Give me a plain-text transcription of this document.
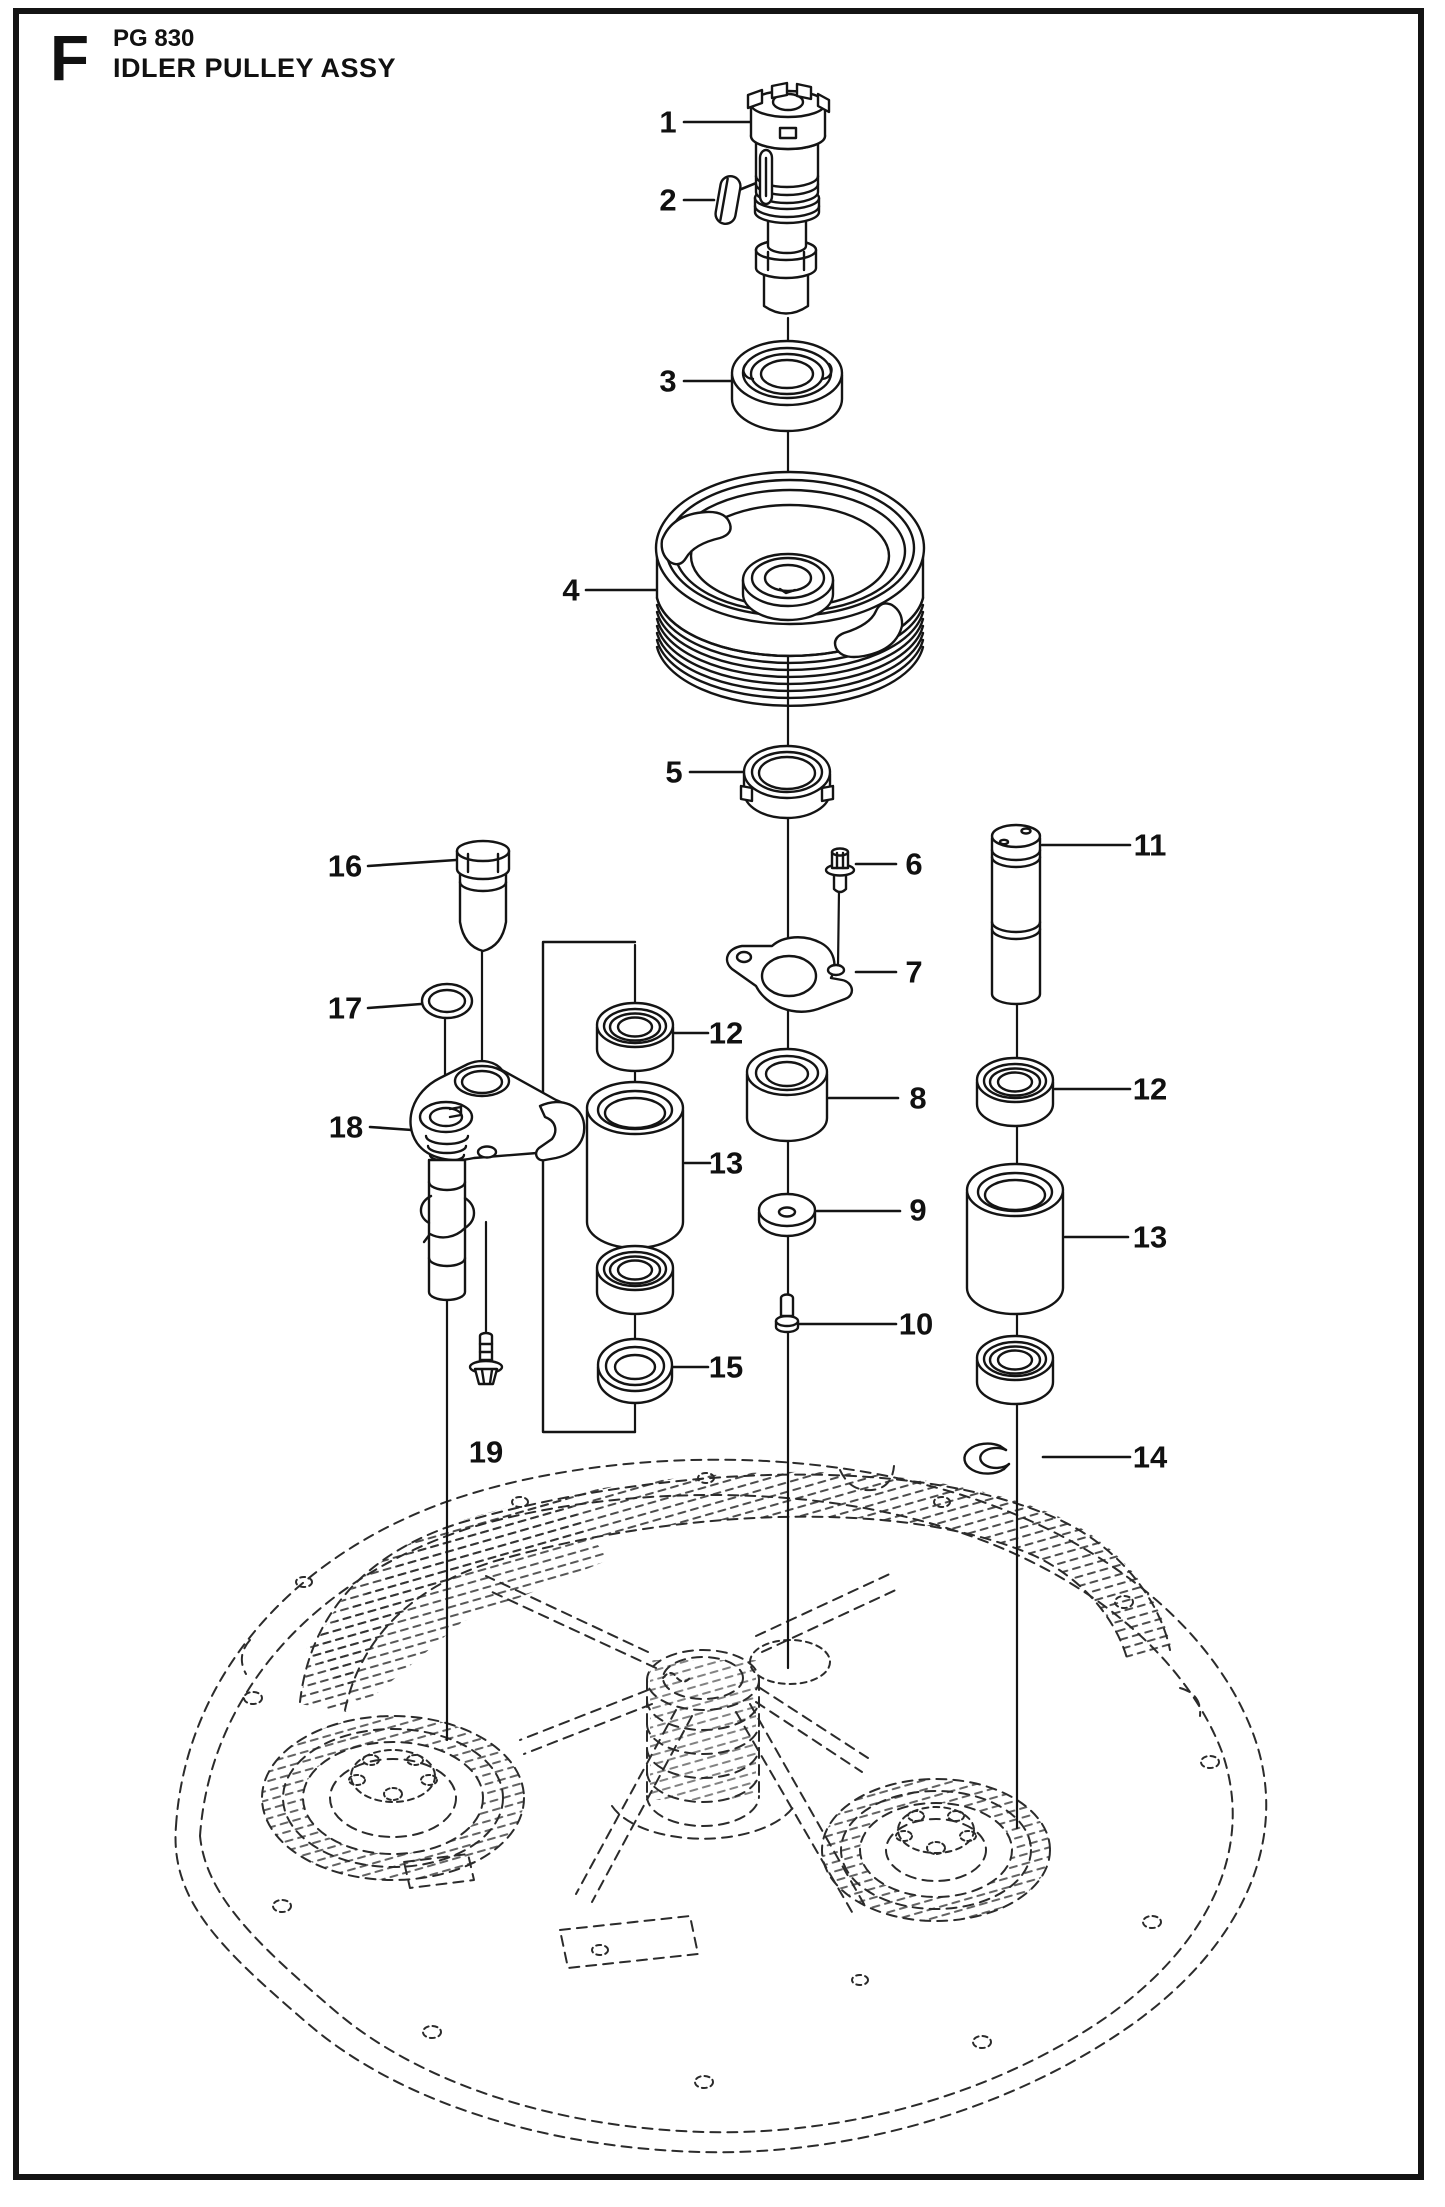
F PG 830
IDLER PULLEY ASSY
1
2
3
4
5
6
7
8
9
10
11
12
13
14
12
13
15
16
17
18
19
